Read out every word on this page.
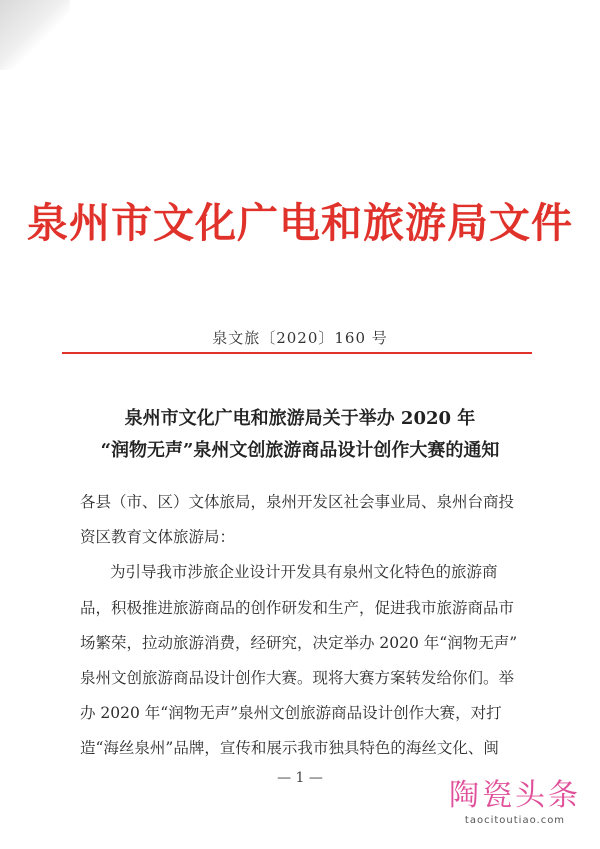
泉州市文化广电和旅游局文件
泉文旅〔2020〕160 号
泉州市文化广电和旅游局关于举办 2020 年
“润物无声”泉州文创旅游商品设计创作大赛的通知
各县（市、区）文体旅局，泉州开发区社会事业局、泉州台商投
资区教育文体旅游局：
为引导我市涉旅企业设计开发具有泉州文化特色的旅游商
品，积极推进旅游商品的创作研发和生产，促进我市旅游商品市
场繁荣，拉动旅游消费，经研究，决定举办 2020 年“润物无声”
泉州文创旅游商品设计创作大赛。现将大赛方案转发给你们。举
办 2020 年“润物无声”泉州文创旅游商品设计创作大赛，对打
造“海丝泉州”品牌，宣传和展示我市独具特色的海丝文化、闽
— 1 —	陶瓷头条
taocitoutiao.com
